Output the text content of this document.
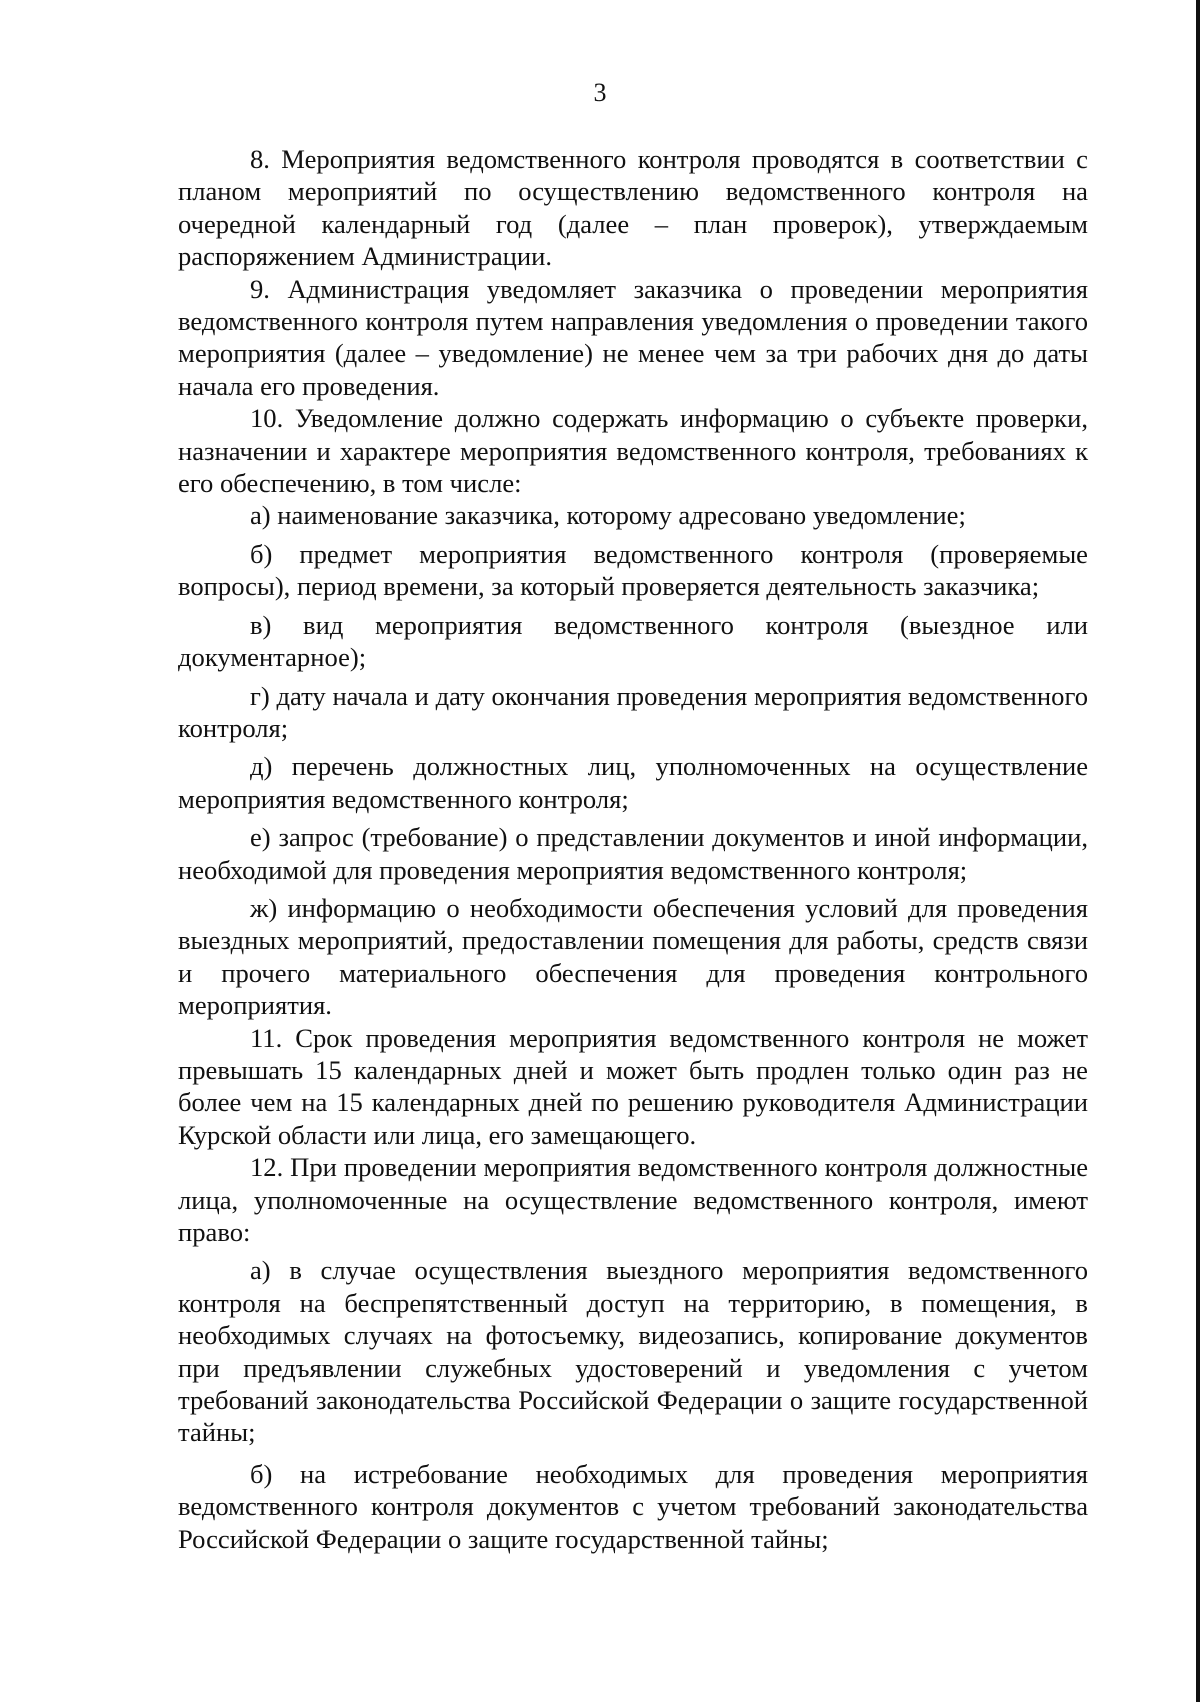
3

8. Мероприятия ведомственного контроля проводятся в соответствии с планом мероприятий по осуществлению ведомственного контроля на очередной календарный год (далее – план проверок), утверждаемым распоряжением Администрации.

9. Администрация уведомляет заказчика о проведении мероприятия ведомственного контроля путем направления уведомления о проведении такого мероприятия (далее – уведомление) не менее чем за три рабочих дня до даты начала его проведения.

10. Уведомление должно содержать информацию о субъекте проверки, назначении и характере мероприятия ведомственного контроля, требованиях к его обеспечению, в том числе:

а) наименование заказчика, которому адресовано уведомление;

б) предмет мероприятия ведомственного контроля (проверяемые вопросы), период времени, за который проверяется деятельность заказчика;

в) вид мероприятия ведомственного контроля (выездное или документарное);

г) дату начала и дату окончания проведения мероприятия ведомственного контроля;

д) перечень должностных лиц, уполномоченных на осуществление мероприятия ведомственного контроля;

е) запрос (требование) о представлении документов и иной информации, необходимой для проведения мероприятия ведомственного контроля;

ж) информацию о необходимости обеспечения условий для проведения выездных мероприятий, предоставлении помещения для работы, средств связи и прочего материального обеспечения для проведения контрольного мероприятия.

11. Срок проведения мероприятия ведомственного контроля не может превышать 15 календарных дней и может быть продлен только один раз не более чем на 15 календарных дней по решению руководителя Администрации Курской области или лица, его замещающего.

12. При проведении мероприятия ведомственного контроля должностные лица, уполномоченные на осуществление ведомственного контроля, имеют право:

а) в случае осуществления выездного мероприятия ведомственного контроля на беспрепятственный доступ на территорию, в помещения, в необходимых случаях на фотосъемку, видеозапись, копирование документов при предъявлении служебных удостоверений и уведомления с учетом требований законодательства Российской Федерации о защите государственной тайны;

б) на истребование необходимых для проведения мероприятия ведомственного контроля документов с учетом требований законодательства Российской Федерации о защите государственной тайны;
